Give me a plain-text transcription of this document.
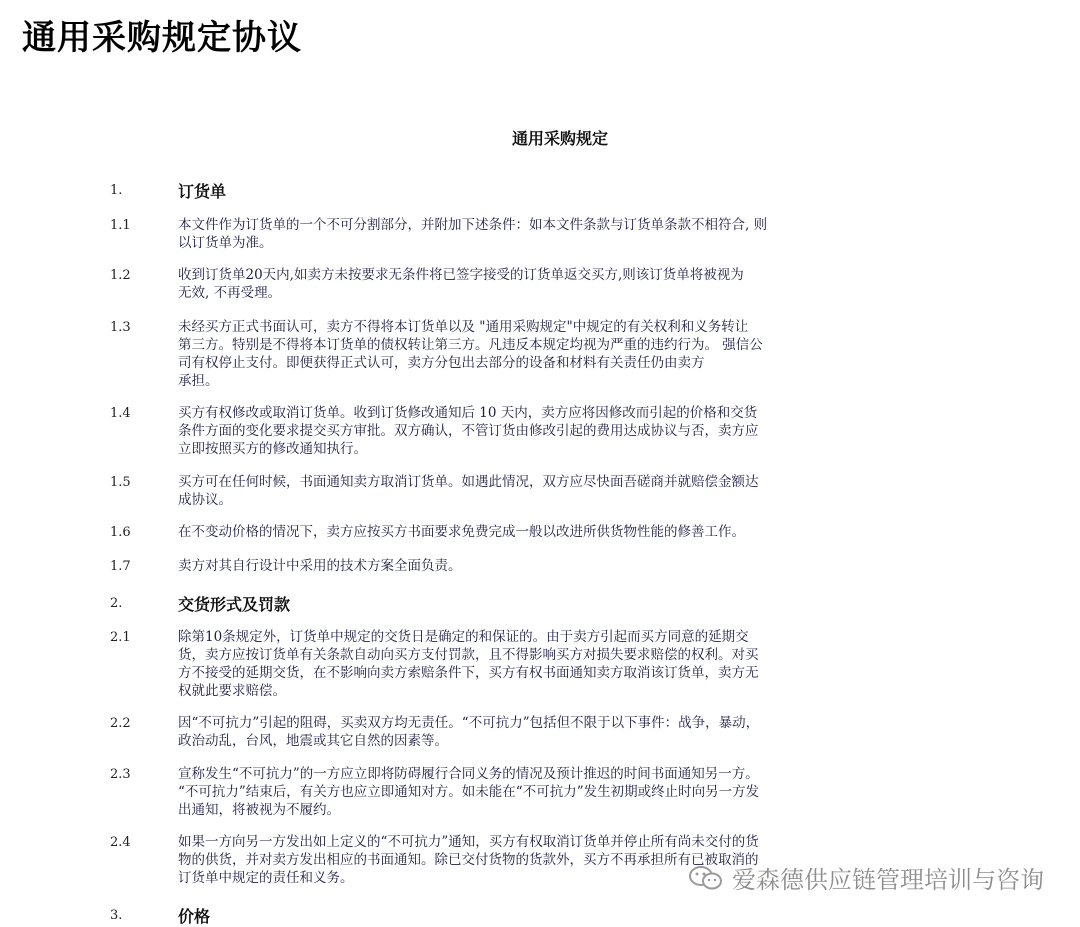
通用采购规定协议
通用采购规定
1.	订货单
1.1	本文件作为订货单的一个不可分割部分，并附加下述条件：如本文件条款与订货单条款不相符合, 则
以订货单为准。
1.2	收到订货单20天内,如卖方未按要求无条件将已签字接受的订货单返交买方,则该订货单将被视为
无效, 不再受理。
1.3	未经买方正式书面认可，卖方不得将本订货单以及 "通用采购规定"中规定的有关权利和义务转让
第三方。特别是不得将本订货单的债权转让第三方。凡违反本规定均视为严重的违约行为。 强信公
司有权停止支付。即便获得正式认可，卖方分包出去部分的设备和材料有关责任仍由卖方
承担。
1.4	买方有权修改或取消订货单。收到订货修改通知后 10 天内，卖方应将因修改而引起的价格和交货
条件方面的变化要求提交买方审批。双方确认，不管订货由修改引起的费用达成协议与否，卖方应
立即按照买方的修改通知执行。
1.5	买方可在任何时候，书面通知卖方取消订货单。如遇此情况，双方应尽快面吾磋商并就赔偿金额达
成协议。
1.6	在不变动价格的情况下，卖方应按买方书面要求免费完成一般以改进所供货物性能的修善工作。
1.7	卖方对其自行设计中采用的技术方案全面负责。
2.	交货形式及罚款
2.1	除第10条规定外，订货单中规定的交货日是确定的和保证的。由于卖方引起而买方同意的延期交
货，卖方应按订货单有关条款自动向买方支付罚款，且不得影响买方对损失要求赔偿的权利。对买
方不接受的延期交货，在不影响向卖方索赔条件下，买方有权书面通知卖方取消该订货单，卖方无
权就此要求赔偿。
2.2	因“不可抗力”引起的阻碍，买卖双方均无责任。“不可抗力”包括但不限于以下事件：战争，暴动，
政治动乱，台风，地震或其它自然的因素等。
2.3	宣称发生“不可抗力”的一方应立即将防碍履行合同义务的情况及预计推迟的时间书面通知另一方。
“不可抗力”结束后，有关方也应立即通知对方。如未能在“不可抗力”发生初期或终止时向另一方发
出通知，将被视为不履约。
2.4	如果一方向另一方发出如上定义的“不可抗力”通知，买方有权取消订货单并停止所有尚未交付的货
物的供货，并对卖方发出相应的书面通知。除已交付货物的货款外，买方不再承担所有已被取消的
订货单中规定的责任和义务。
3.	价格
爱森德供应链管理培训与咨询
